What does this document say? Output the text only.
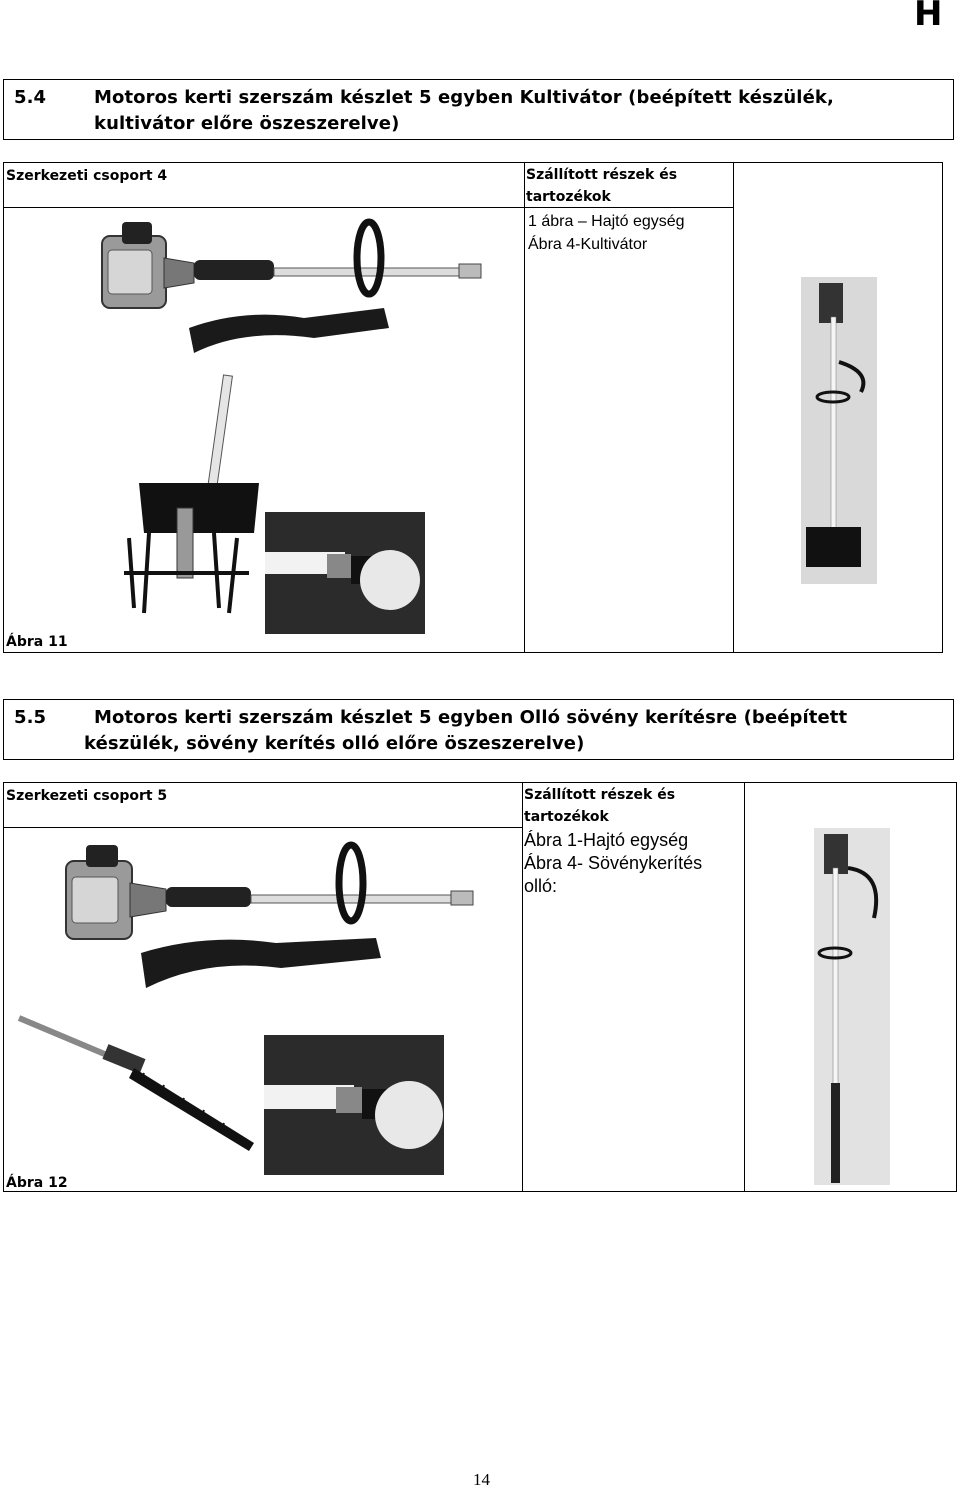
H
5.4	Motoros kerti szerszám készlet 5 egyben Kultivátor (beépített készülék,
kultivátor előre öszeszerelve)
Szerkezeti csoport 4	Szállított részek és
tartozékok
1 ábra – Hajtó egység
Ábra 4-Kultivátor
Ábra 11
5.5	Motoros kerti szerszám készlet 5 egyben Olló sövény kerítésre (beépített
készülék, sövény kerítés olló előre öszeszerelve)
Szerkezeti csoport 5	Szállított részek és
tartozékok
Ábra 1-Hajtó egység
Ábra 4- Sövénykerítés
olló:
Ábra 12
14
